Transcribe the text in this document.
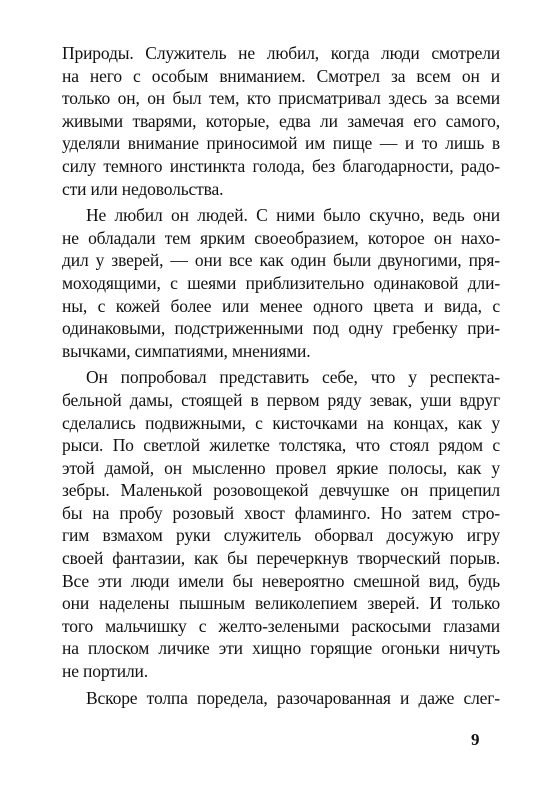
Природы. Служитель не любил, когда люди смотрели
на него с особым вниманием. Смотрел за всем он и
только он, он был тем, кто присматривал здесь за всеми
живыми тварями, которые, едва ли замечая его самого,
уделяли внимание приносимой им пище — и то лишь в
силу темного инстинкта голода, без благодарности, радо-
сти или недовольства.
Не любил он людей. С ними было скучно, ведь они
не обладали тем ярким своеобразием, которое он нахо-
дил у зверей, — они все как один были двуногими, пря-
моходящими, с шеями приблизительно одинаковой дли-
ны, с кожей более или менее одного цвета и вида, с
одинаковыми, подстриженными под одну гребенку при-
вычками, симпатиями, мнениями.
Он попробовал представить себе, что у респекта-
бельной дамы, стоящей в первом ряду зевак, уши вдруг
сделались подвижными, с кисточками на концах, как у
рыси. По светлой жилетке толстяка, что стоял рядом с
этой дамой, он мысленно провел яркие полосы, как у
зебры. Маленькой розовощекой девчушке он прицепил
бы на пробу розовый хвост фламинго. Но затем стро-
гим взмахом руки служитель оборвал досужую игру
своей фантазии, как бы перечеркнув творческий порыв.
Все эти люди имели бы невероятно смешной вид, будь
они наделены пышным великолепием зверей. И только
того мальчишку с желто-зелеными раскосыми глазами
на плоском личике эти хищно горящие огоньки ничуть
не портили.
Вскоре толпа поредела, разочарованная и даже слег-
9
